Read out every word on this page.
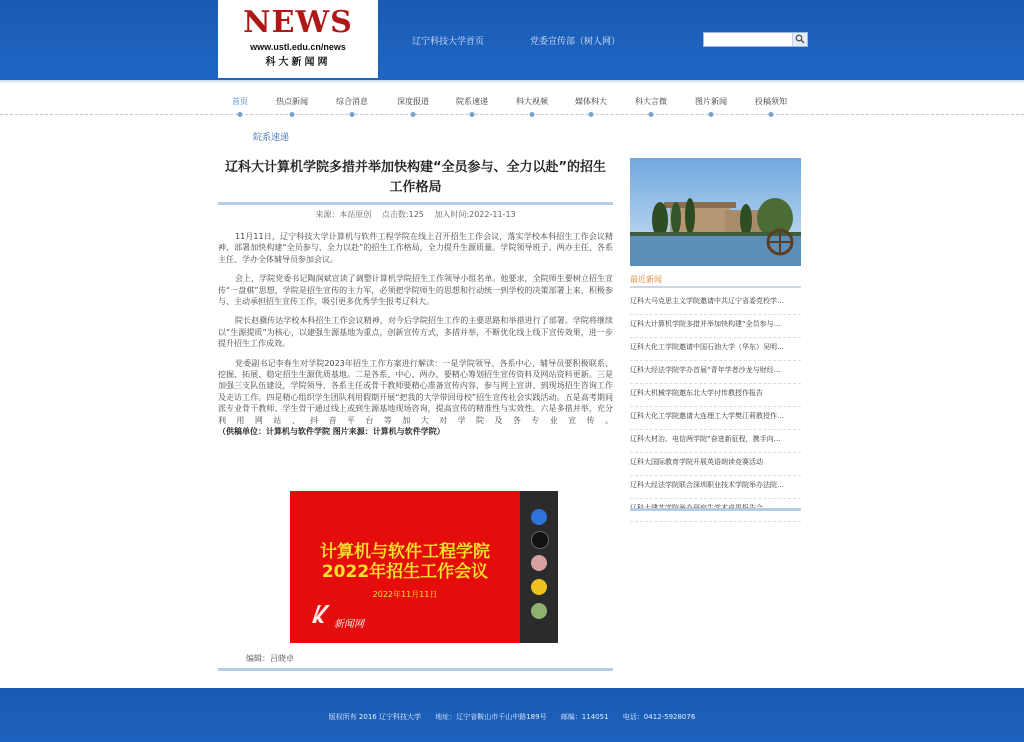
NEWS
www.ustl.edu.cn/news
科大新闻网
辽宁科技大学首页	党委宣传部（树人网）
首页	热点新闻	综合消息	深度报道	院系速递	科大视频	媒体科大	科大言微	图片新闻	投稿须知
院系速递
辽科大计算机学院多措并举加快构建“全员参与、全力以赴”的招生工作格局
来源：本站原创 点击数:125 加入时间:2022-11-13

11月11日，辽宁科技大学计算机与软件工程学院在线上召开招生工作会议，落实学校本科招生工作会议精神，部署加快构建“全员参与、全力以赴”的招生工作格局，全力提升生源质量。学院领导班子、两办主任、各系主任、学办全体辅导员参加会议。

会上，学院党委书记陶润斌宣读了调整计算机学院招生工作领导小组名单。他要求，全院师生要树立招生宣传“一盘棋”思想，学院是招生宣传的主力军，必须把学院师生的思想和行动统一到学校的决策部署上来，积极参与、主动承担招生宣传工作，吸引更多优秀学生报考辽科大。

院长赵骥传达学校本科招生工作会议精神，对今后学院招生工作的主要思路和举措进行了部署。学院将继续以“生源提质”为核心，以建强生源基地为重点，创新宣传方式，多措并举，不断优化线上线下宣传效果，进一步提升招生工作成效。

党委副书记李春生对学院2023年招生工作方案进行解读：一是学院领导、各系中心、辅导员要积极联系、挖掘、拓展、稳定招生生源优质基地。二是各系、中心、两办，要精心筹划招生宣传资料及网站资料更新。三是加强三支队伍建设，学院领导、各系主任或骨干教师要精心准备宣传内容，参与网上宣讲、到现场招生咨询工作及走访工作。四是精心组织学生团队利用假期开展“把我的大学带回母校”招生宣传社会实践活动。五是高考期间派专业骨干教师、学生骨干通过线上或到生源基地现场咨询，提高宣传的精准性与实效性。六是多措并举，充分利用网站、抖音平台等加大对学院及各专业宣传。（供稿单位：计算机与软件学院 图片来源：计算机与软件学院）

计算机与软件工程学院
2022年招生工作会议
2022年11月11日
新闻网
编辑：吕晓卓
最近新闻
辽科大马克思主义学院邀请中共辽宁省委党校学…
辽科大计算机学院多措并举加快构建“全员参与…
辽科大化工学院邀请中国石油大学（华东）吴明…
辽科大经法学院学办首届“青年学者沙龙与财经…
辽科大机械学院邀东北大学付传教授作报告
辽科大化工学院邀请大连理工大学樊江莉教授作…
辽科大材冶、电信两学院“奋进新征程，携手向…
辽科大国际教育学院开展英语朗读竞赛活动
辽科大经法学院联合深圳职业技术学院举办法院…
版权所有 2016 辽宁科技大学 地址：辽宁省鞍山市千山中路189号 邮编：114051 电话：0412-5928076
